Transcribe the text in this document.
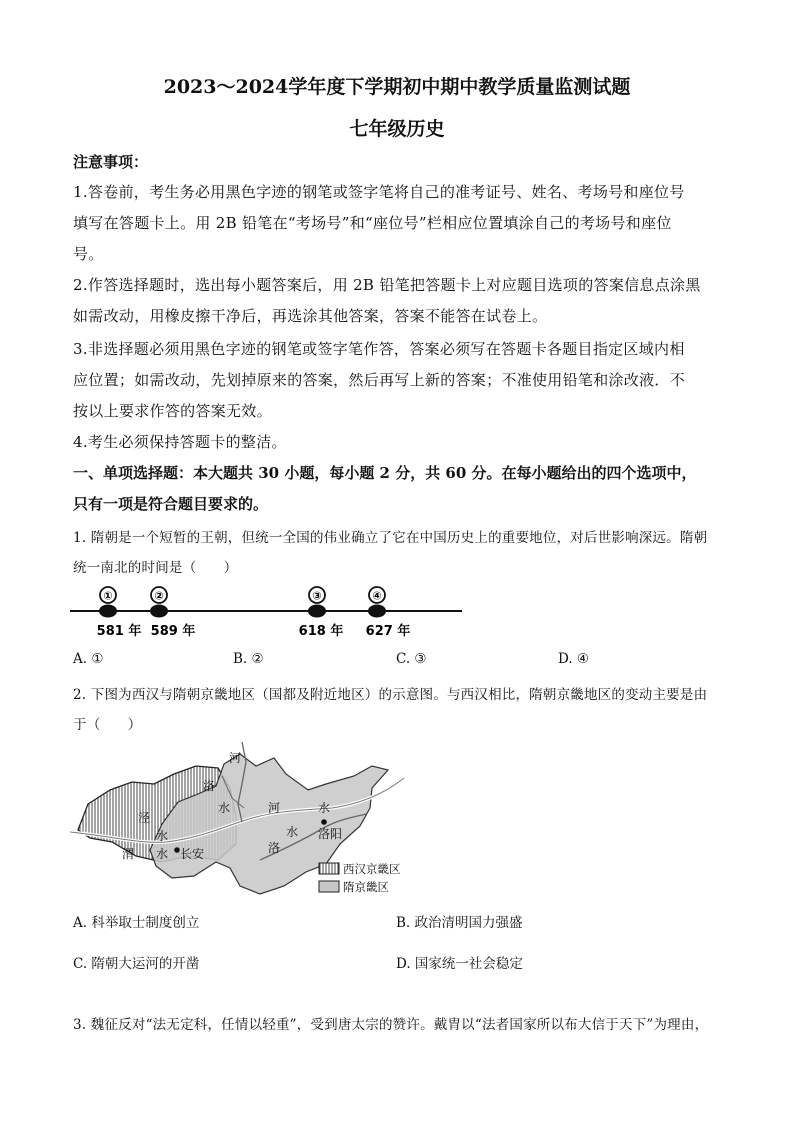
2023～2024学年度下学期初中期中教学质量监测试题
七年级历史
注意事项：
1.答卷前，考生务必用黑色字迹的钢笔或签字笔将自己的准考证号、姓名、考场号和座位号
填写在答题卡上。用 2B 铅笔在“考场号”和“座位号”栏相应位置填涂自己的考场号和座位
号。
2.作答选择题时，选出每小题答案后，用 2B 铅笔把答题卡上对应题目选项的答案信息点涂黑
如需改动，用橡皮擦干净后，再选涂其他答案，答案不能答在试卷上。
3.非选择题必须用黑色字迹的钢笔或签字笔作答，答案必须写在答题卡各题目指定区域内相
应位置；如需改动，先划掉原来的答案，然后再写上新的答案；不准使用铅笔和涂改液．不
按以上要求作答的答案无效。
4.考生必须保持答题卡的整洁。
一、单项选择题：本大题共 30 小题，每小题 2 分，共 60 分。在每小题给出的四个选项中，
只有一项是符合题目要求的。
1. 隋朝是一个短暂的王朝，但统一全国的伟业确立了它在中国历史上的重要地位，对后世影响深远。隋朝
统一南北的时间是（　　）
①
581 年
②
589 年
③
618 年
④
627 年
A. ①	B. ②	C. ③	D. ④
2. 下图为西汉与隋朝京畿地区（国都及附近地区）的示意图。与西汉相比，隋朝京畿地区的变动主要是由
于（　　）
河
洛
泾
水	河	水
洛阳
洛
水
水
水
渭	长安
西汉京畿区
隋京畿区
A. 科举取士制度创立	B. 政治清明国力强盛
C. 隋朝大运河的开凿	D. 国家统一社会稳定
3. 魏征反对“法无定科，任情以轻重”，受到唐太宗的赞许。戴胄以“法者国家所以布大信于天下”为理由，
